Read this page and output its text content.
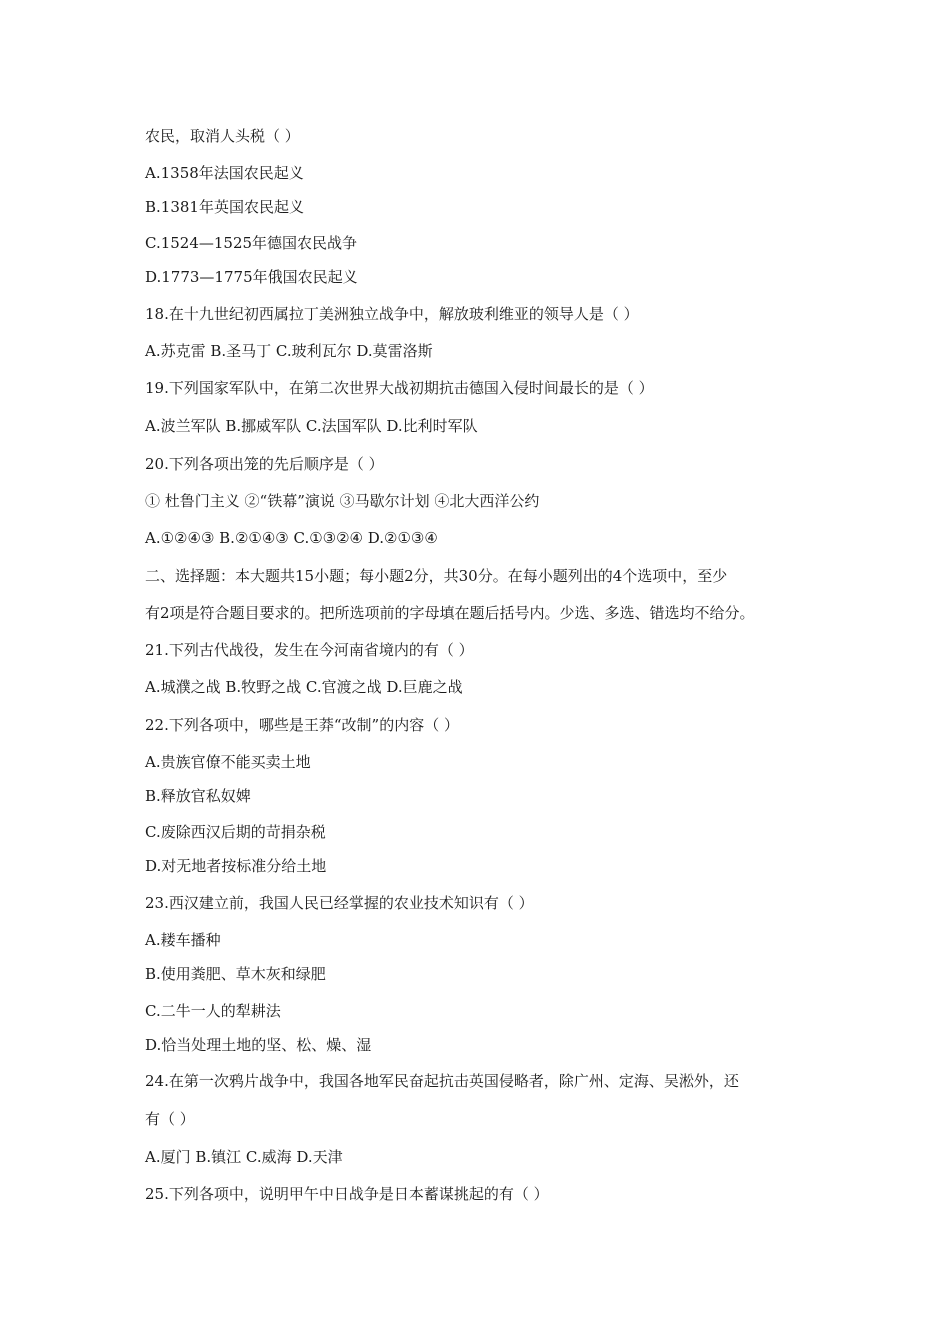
农民，取消人头税（ ）
A.1358年法国农民起义
B.1381年英国农民起义
C.1524—1525年德国农民战争
D.1773—1775年俄国农民起义
18.在十九世纪初西属拉丁美洲独立战争中，解放玻利维亚的领导人是（ ）
A.苏克雷 B.圣马丁 C.玻利瓦尔 D.莫雷洛斯
19.下列国家军队中，在第二次世界大战初期抗击德国入侵时间最长的是（ ）
A.波兰军队 B.挪威军队 C.法国军队 D.比利时军队
20.下列各项出笼的先后顺序是（ ）
① 杜鲁门主义 ②“铁幕”演说 ③马歇尔计划 ④北大西洋公约
A.①②④③ B.②①④③ C.①③②④ D.②①③④
二、选择题：本大题共15小题；每小题2分，共30分。在每小题列出的4个选项中，至少
有2项是符合题目要求的。把所选项前的字母填在题后括号内。少选、多选、错选均不给分。
21.下列古代战役，发生在今河南省境内的有（ ）
A.城濮之战 B.牧野之战 C.官渡之战 D.巨鹿之战
22.下列各项中，哪些是王莽“改制”的内容（ ）
A.贵族官僚不能买卖土地
B.释放官私奴婢
C.废除西汉后期的苛捐杂税
D.对无地者按标准分给土地
23.西汉建立前，我国人民已经掌握的农业技术知识有（ ）
A.耧车播种
B.使用粪肥、草木灰和绿肥
C.二牛一人的犁耕法
D.恰当处理土地的坚、松、燥、湿
24.在第一次鸦片战争中，我国各地军民奋起抗击英国侵略者，除广州、定海、吴淞外，还
有（ ）
A.厦门 B.镇江 C.威海 D.天津
25.下列各项中，说明甲午中日战争是日本蓄谋挑起的有（ ）
